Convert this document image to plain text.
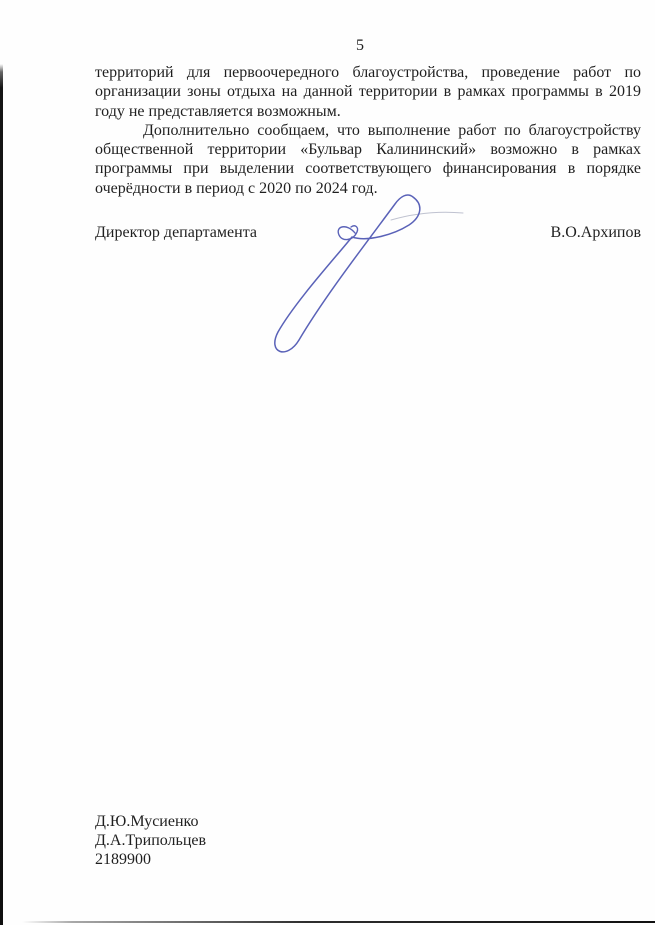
5
территорий для первоочередного благоустройства, проведение работ по
организации зоны отдыха на данной территории в рамках программы в 2019
году не представляется возможным.
Дополнительно сообщаем, что выполнение работ по благоустройству
общественной территории «Бульвар Калининский» возможно в рамках
программы при выделении соответствующего финансирования в порядке
очерёдности в период с 2020 по 2024 год.
Директор департамента	В.О.Архипов
Д.Ю.Мусиенко
Д.А.Трипольцев
2189900
